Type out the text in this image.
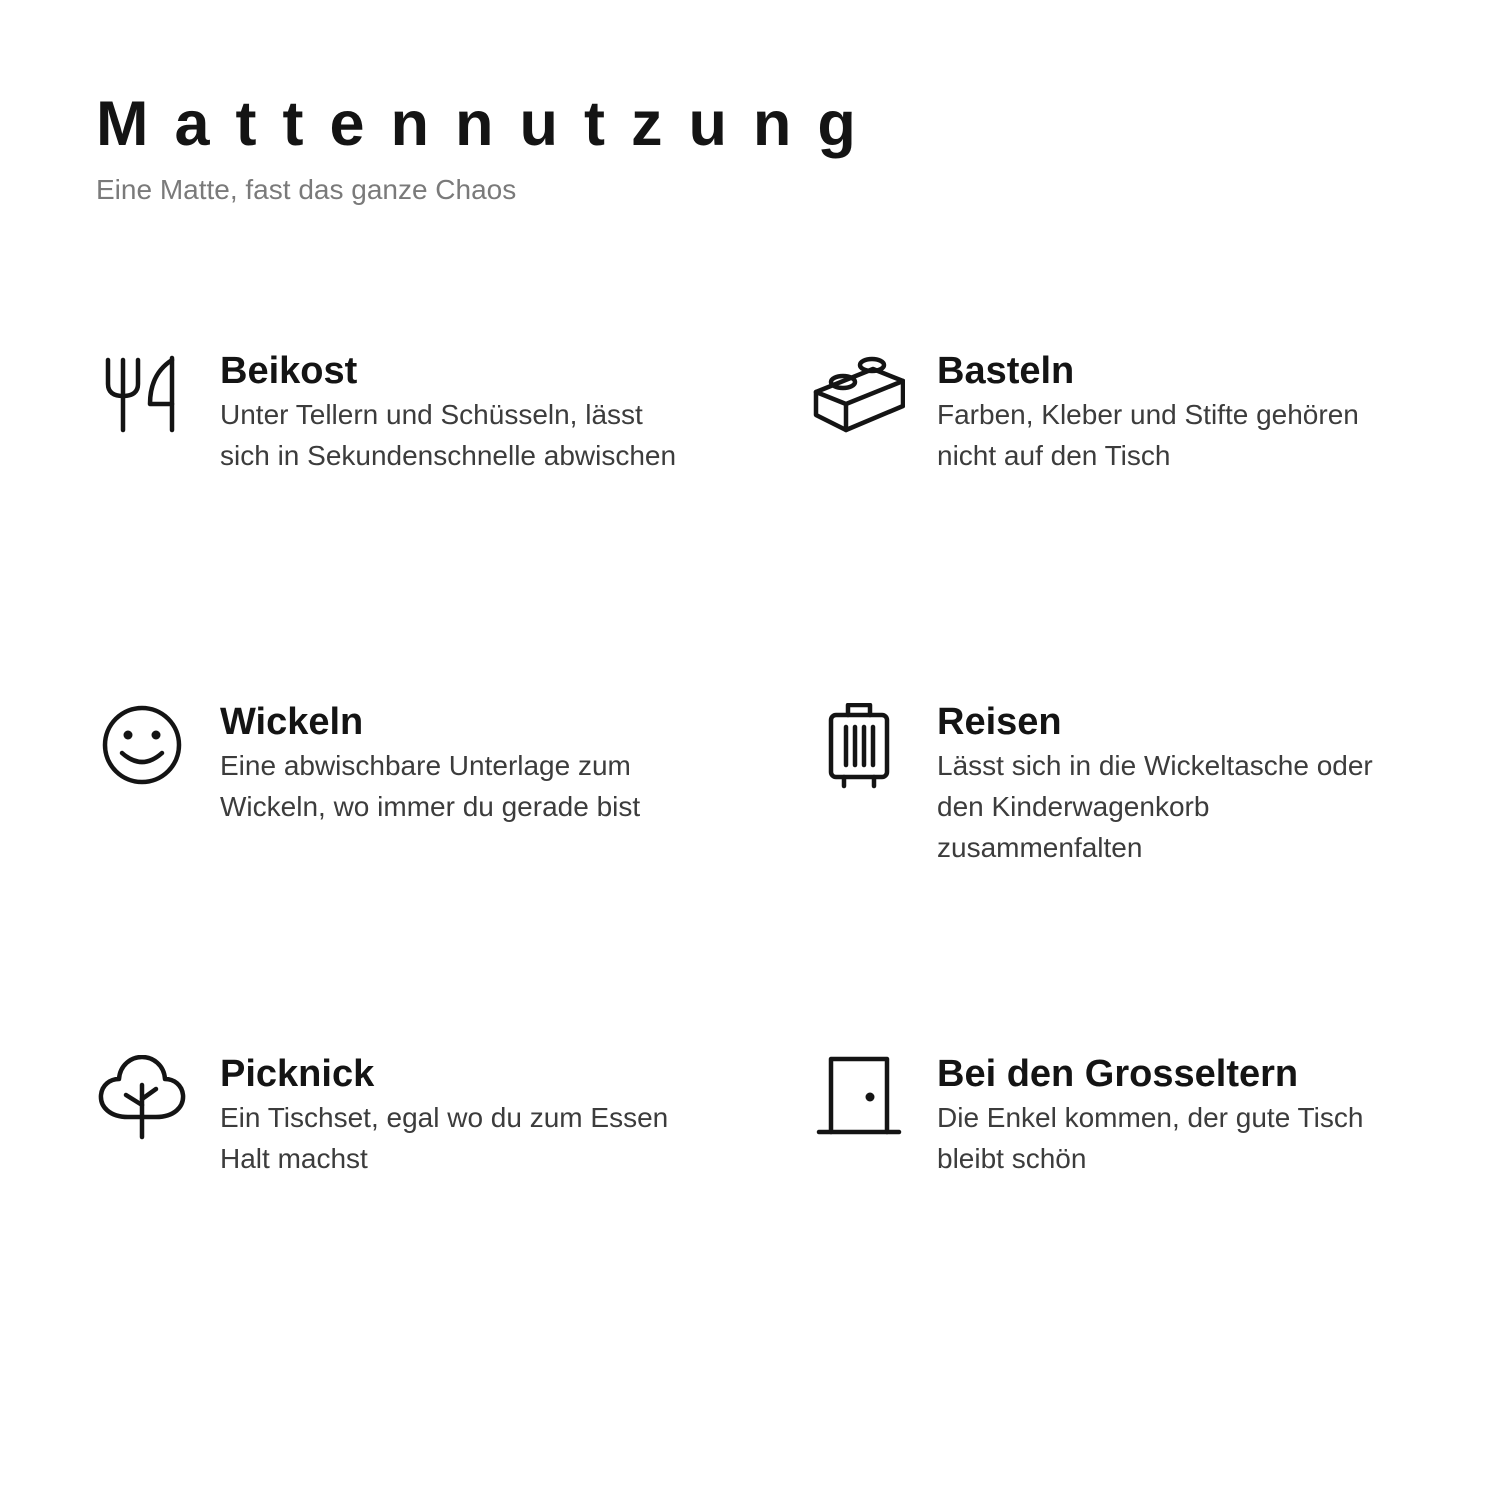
Mattennutzung

Eine Matte, fast das ganze Chaos

Beikost

Unter Tellern und Schüsseln, lässt sich in Sekundenschnelle abwischen

Basteln

Farben, Kleber und Stifte gehören nicht auf den Tisch

Wickeln

Eine abwischbare Unterlage zum Wickeln, wo immer du gerade bist

Reisen

Lässt sich in die Wickeltasche oder den Kinderwagenkorb zusammenfalten

Picknick

Ein Tischset, egal wo du zum Essen Halt machst

Bei den Grosseltern

Die Enkel kommen, der gute Tisch bleibt schön
